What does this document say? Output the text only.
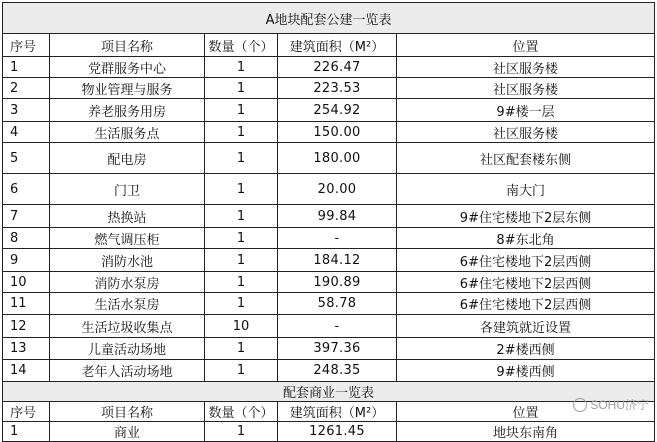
A地块配套公建一览表				
序号	项目名称	数量（个）	建筑面积（M²）	位置
1	党群服务中心	1	226.47	社区服务楼
2	物业管理与服务	1	223.53	社区服务楼
3	养老服务用房	1	254.92	9#楼一层
4	生活服务点	1	150.00	社区服务楼
5	配电房	1	180.00	社区配套楼东侧
6	门卫	1	20.00	南大门
7	热换站	1	99.84	9#住宅楼地下2层东侧
8	燃气调压柜	1	-	8#东北角
9	消防水池	1	184.12	6#住宅楼地下2层西侧
10	消防水泵房	1	190.89	6#住宅楼地下2层西侧
11	生活水泵房	1	58.78	6#住宅楼地下2层西侧
12	生活垃圾收集点	10	-	各建筑就近设置
13	儿童活动场地	1	397.36	2#楼西侧
14	老年人活动场地	1	248.35	9#楼西侧
配套商业一览表				
序号	项目名称	数量（个）	建筑面积（M²）	位置
1	商业	1	1261.45	地块东南角
SOHU济宁
